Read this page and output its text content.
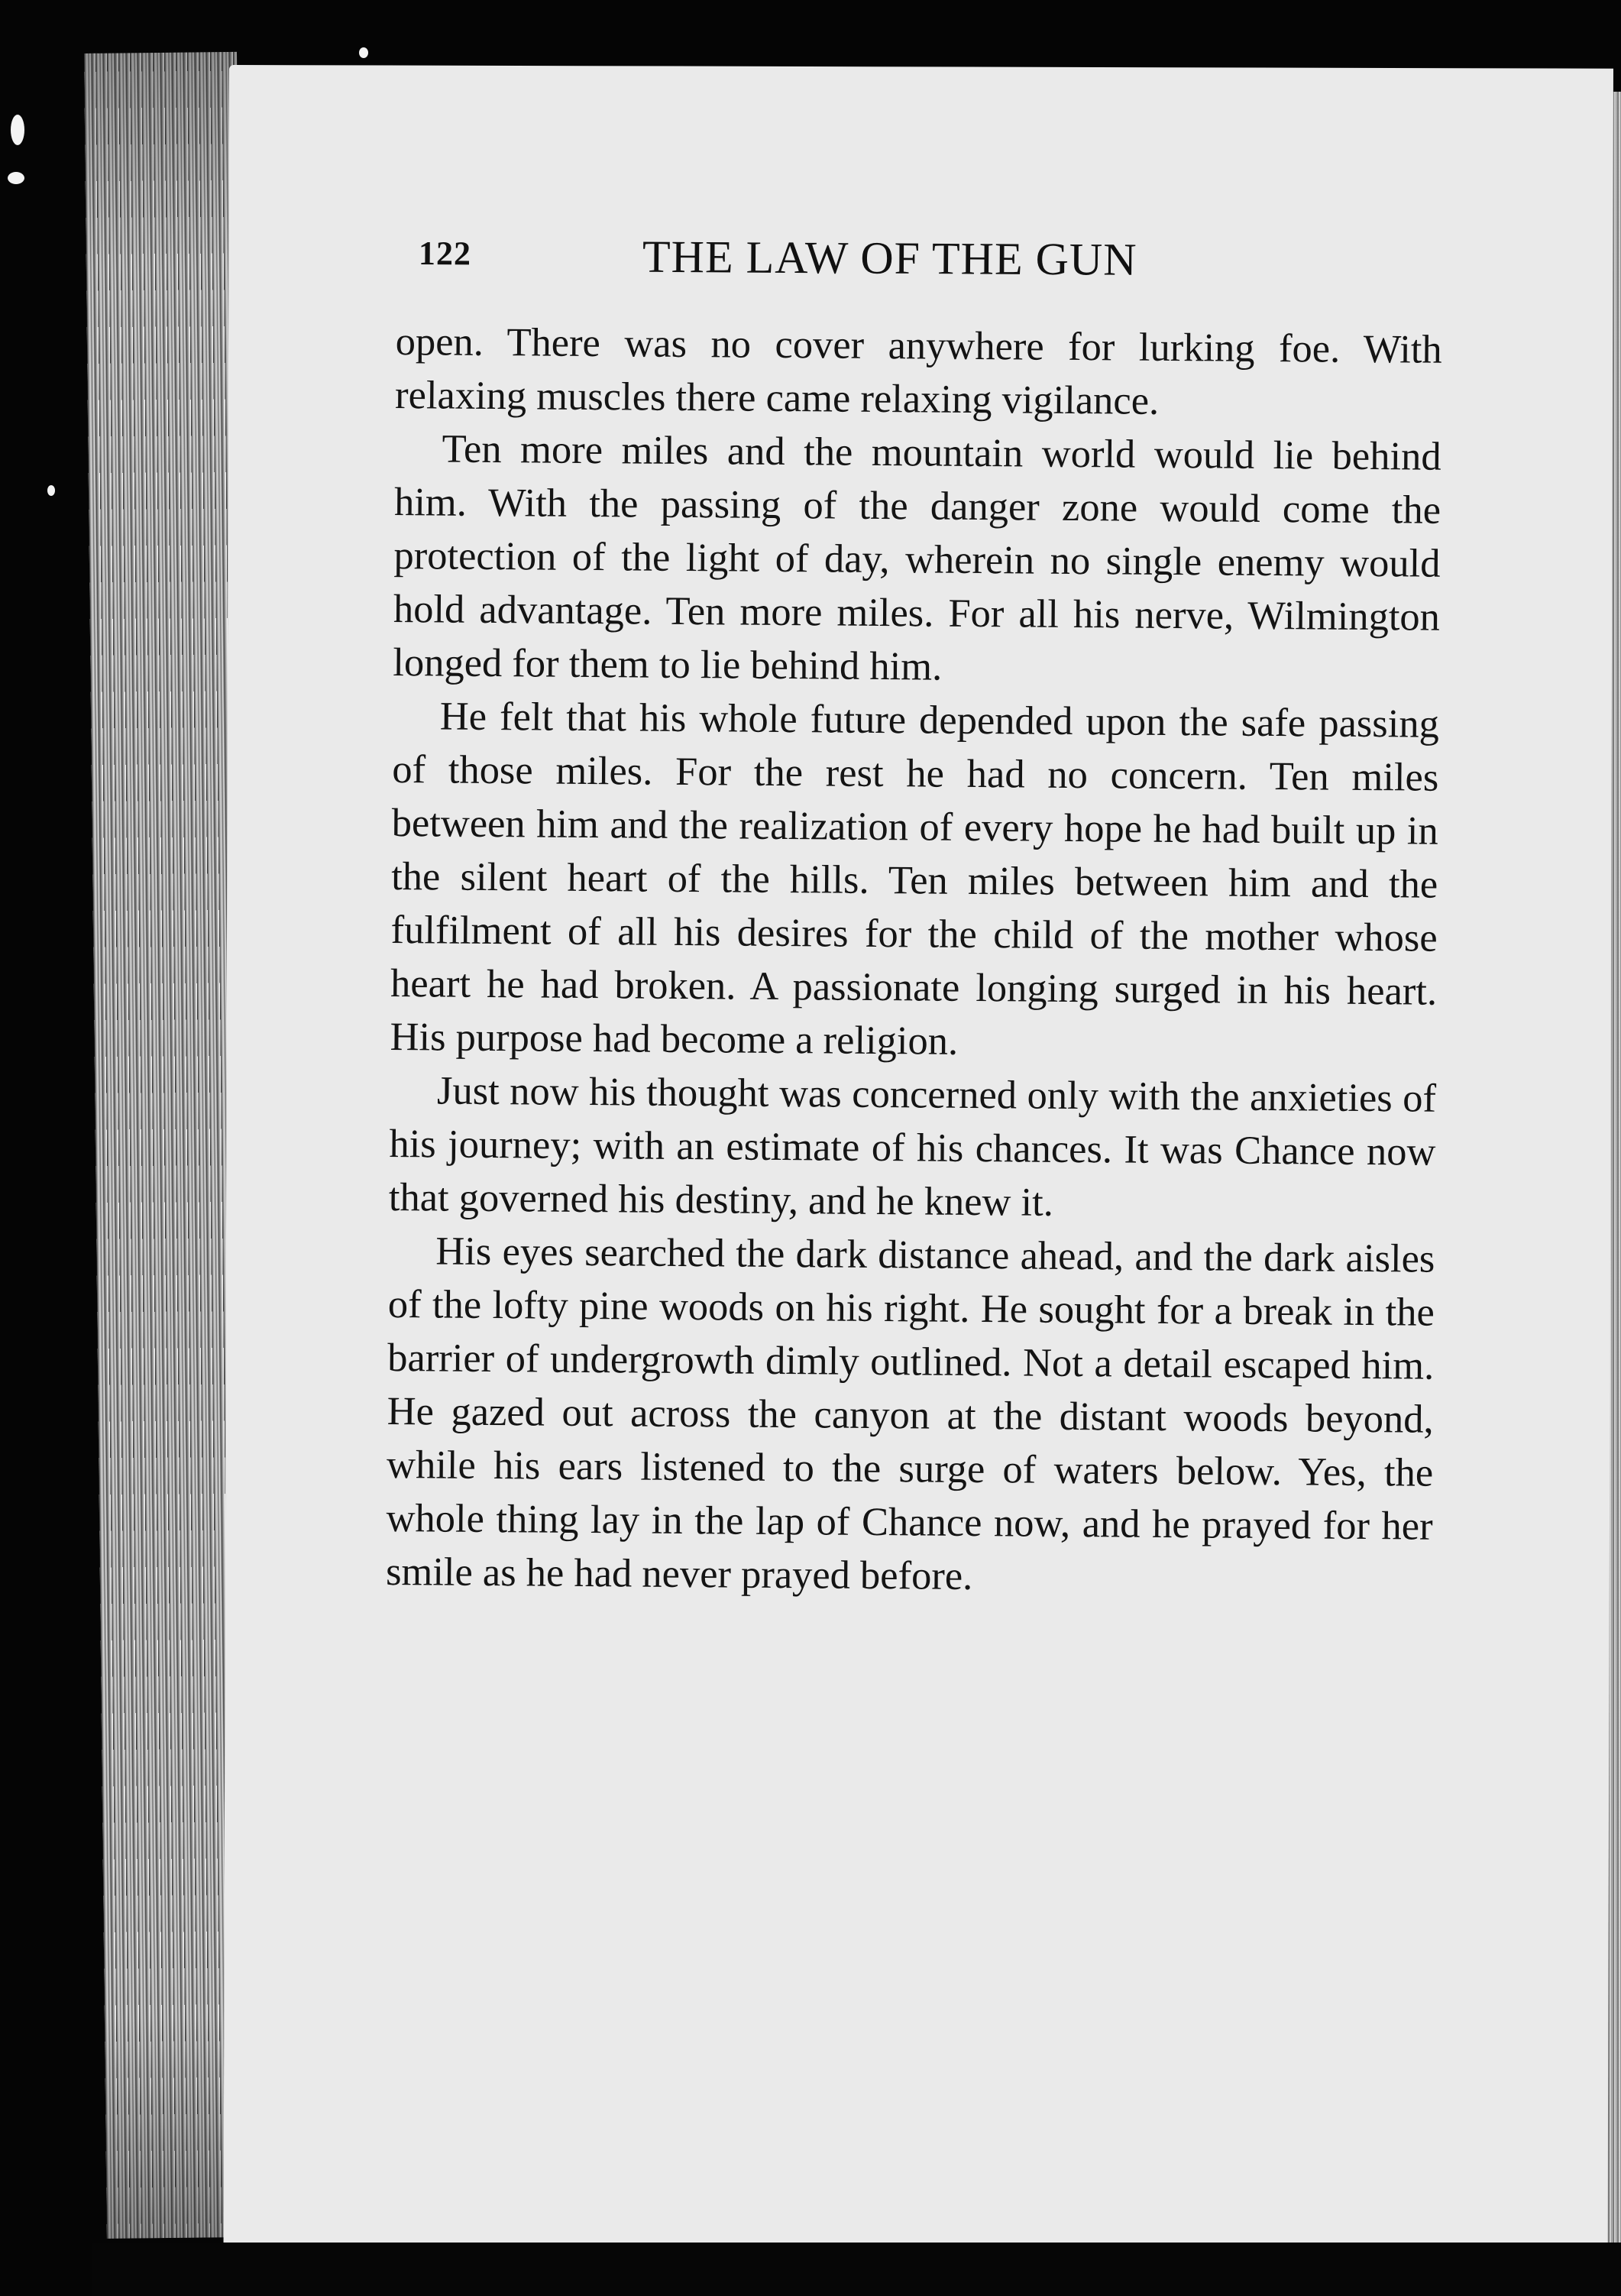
122	THE LAW OF THE GUN

open. There was no cover anywhere for lurking foe. With relaxing muscles there came relaxing vigilance.

Ten more miles and the mountain world would lie behind him. With the passing of the danger zone would come the protection of the light of day, wherein no single enemy would hold advantage. Ten more miles. For all his nerve, Wilmington longed for them to lie behind him.

He felt that his whole future depended upon the safe passing of those miles. For the rest he had no concern. Ten miles between him and the realization of every hope he had built up in the silent heart of the hills. Ten miles between him and the fulfilment of all his desires for the child of the mother whose heart he had broken. A passionate longing surged in his heart. His purpose had become a religion.

Just now his thought was concerned only with the anxieties of his journey; with an estimate of his chances. It was Chance now that governed his destiny, and he knew it.

His eyes searched the dark distance ahead, and the dark aisles of the lofty pine woods on his right. He sought for a break in the barrier of undergrowth dimly outlined. Not a detail escaped him. He gazed out across the canyon at the distant woods beyond, while his ears listened to the surge of waters below. Yes, the whole thing lay in the lap of Chance now, and he prayed for her smile as he had never prayed before.
